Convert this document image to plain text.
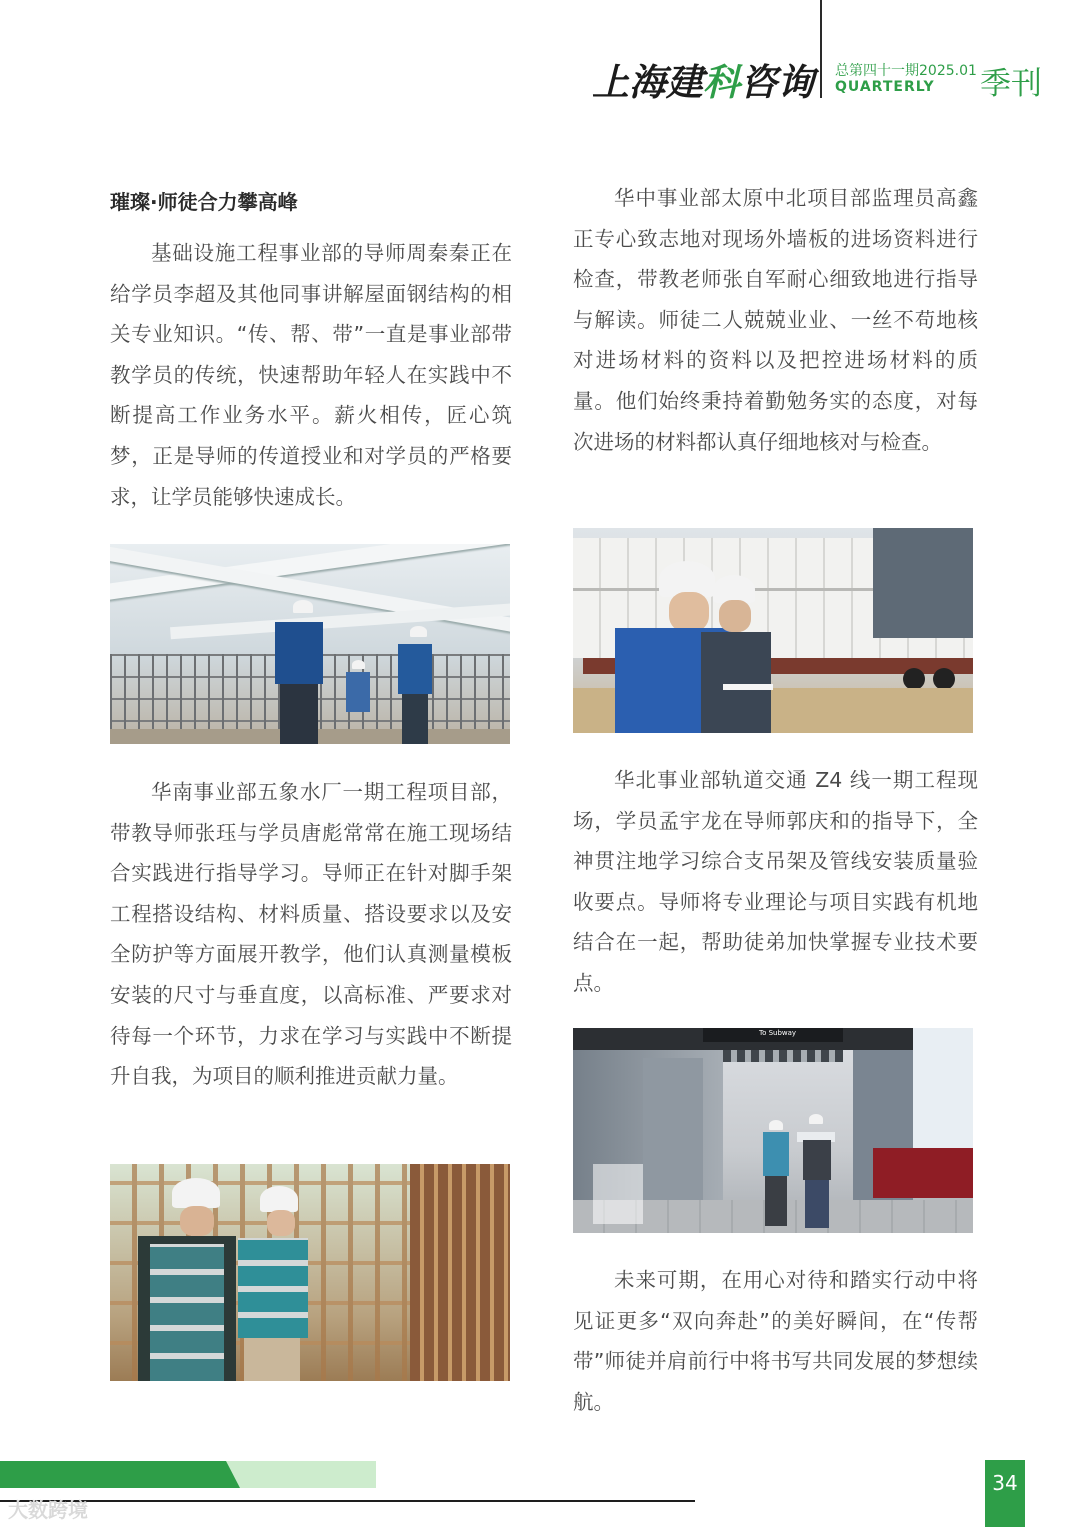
上海建科咨询 总第四十一期2025.01
QUARTERLY 季刊
璀璨·师徒合力攀高峰

基础设施工程事业部的导师周秦秦正在给学员李超及其他同事讲解屋面钢结构的相关专业知识。“传、帮、带”一直是事业部带教学员的传统，快速帮助年轻人在实践中不断提高工作业务水平。薪火相传，匠心筑梦，正是导师的传道授业和对学员的严格要求，让学员能够快速成长。

华南事业部五象水厂一期工程项目部，带教导师张珏与学员唐彪常常在施工现场结合实践进行指导学习。导师正在针对脚手架工程搭设结构、材料质量、搭设要求以及安全防护等方面展开教学，他们认真测量模板安装的尺寸与垂直度，以高标准、严要求对待每一个环节，力求在学习与实践中不断提升自我，为项目的顺利推进贡献力量。

华中事业部太原中北项目部监理员高鑫正专心致志地对现场外墙板的进场资料进行检查，带教老师张自军耐心细致地进行指导与解读。师徒二人兢兢业业、一丝不苟地核对进场材料的资料以及把控进场材料的质量。他们始终秉持着勤勉务实的态度，对每次进场的材料都认真仔细地核对与检查。

华北事业部轨道交通 Z4 线一期工程现场，学员孟宇龙在导师郭庆和的指导下，全神贯注地学习综合支吊架及管线安装质量验收要点。导师将专业理论与项目实践有机地结合在一起，帮助徒弟加快掌握专业技术要点。

To Subway

未来可期，在用心对待和踏实行动中将见证更多“双向奔赴”的美好瞬间，在“传帮带”师徒并肩前行中将书写共同发展的梦想续航。

34
大数跨境
